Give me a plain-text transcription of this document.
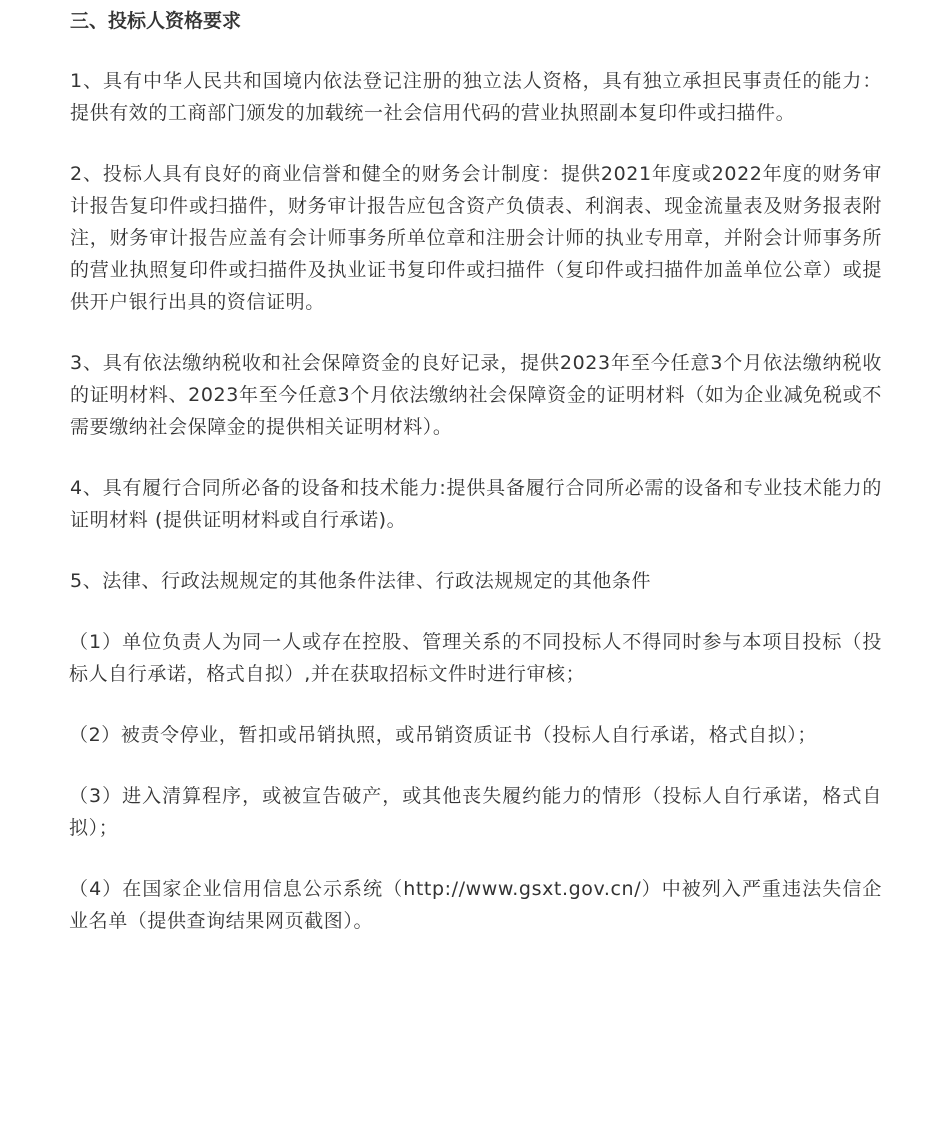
三、投标人资格要求

1、具有中华人民共和国境内依法登记注册的独立法人资格，具有独立承担民事责任的能力：提供有效的工商部门颁发的加载统一社会信用代码的营业执照副本复印件或扫描件。

2、投标人具有良好的商业信誉和健全的财务会计制度：提供2021年度或2022年度的财务审计报告复印件或扫描件，财务审计报告应包含资产负债表、利润表、现金流量表及财务报表附注，财务审计报告应盖有会计师事务所单位章和注册会计师的执业专用章，并附会计师事务所的营业执照复印件或扫描件及执业证书复印件或扫描件（复印件或扫描件加盖单位公章）或提供开户银行出具的资信证明。

3、具有依法缴纳税收和社会保障资金的良好记录，提供2023年至今任意3个月依法缴纳税收的证明材料、2023年至今任意3个月依法缴纳社会保障资金的证明材料（如为企业减免税或不需要缴纳社会保障金的提供相关证明材料）。

4、具有履行合同所必备的设备和技术能力:提供具备履行合同所必需的设备和专业技术能力的证明材料 (提供证明材料或自行承诺)。

5、法律、行政法规规定的其他条件法律、行政法规规定的其他条件

（1）单位负责人为同一人或存在控股、管理关系的不同投标人不得同时参与本项目投标（投标人自行承诺，格式自拟）,并在获取招标文件时进行审核；

（2）被责令停业，暂扣或吊销执照，或吊销资质证书（投标人自行承诺，格式自拟）；

（3）进入清算程序，或被宣告破产，或其他丧失履约能力的情形（投标人自行承诺，格式自拟）；

（4）在国家企业信用信息公示系统（http://www.gsxt.gov.cn/）中被列入严重违法失信企业名单（提供查询结果网页截图）。
